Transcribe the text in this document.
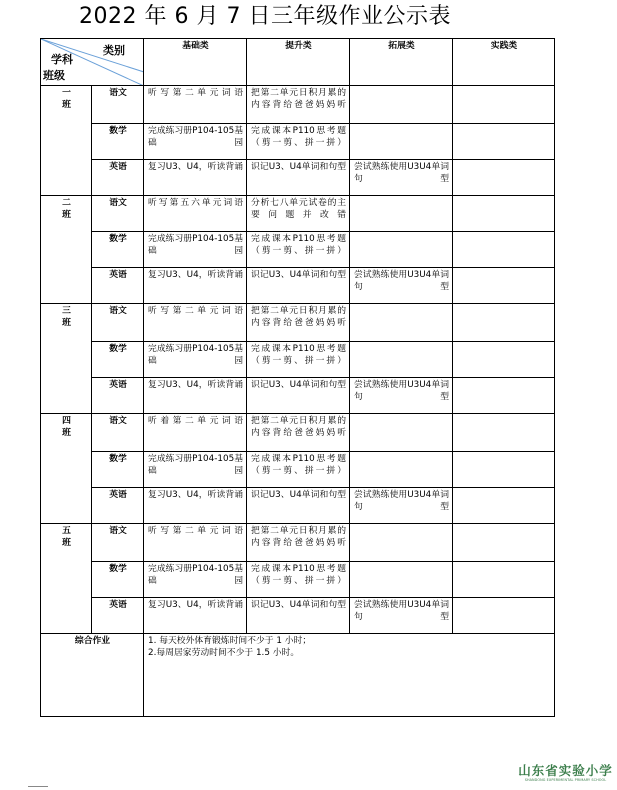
2022 年 6 月 7 日三年级作业公示表
类别
学科
班级		基础类	提升类	拓展类	实践类
一班	语文	听写第二单元词语	把第二单元日积月累的内容背给爸爸妈妈听		
	数学	完成练习册P104-105基础园	完成课本P110思考题（剪一剪、拼一拼）		
	英语	复习U3、U4，听读背诵	识记U3、U4单词和句型	尝试熟练使用U3U4单词句型	
二班	语文	听写第五六单元词语	分析七八单元试卷的主要问题并改错		
	数学	完成练习册P104-105基础园	完成课本P110思考题（剪一剪、拼一拼）		
	英语	复习U3、U4，听读背诵	识记U3、U4单词和句型	尝试熟练使用U3U4单词句型	
三班	语文	听写第二单元词语	把第二单元日积月累的内容背给爸爸妈妈听		
	数学	完成练习册P104-105基础园	完成课本P110思考题（剪一剪、拼一拼）		
	英语	复习U3、U4，听读背诵	识记U3、U4单词和句型	尝试熟练使用U3U4单词句型	
四班	语文	听着第二单元词语	把第二单元日积月累的内容背给爸爸妈妈听		
	数学	完成练习册P104-105基础园	完成课本P110思考题（剪一剪、拼一拼）		
	英语	复习U3、U4，听读背诵	识记U3、U4单词和句型	尝试熟练使用U3U4单词句型	
五班	语文	听写第二单元词语	把第二单元日积月累的内容背给爸爸妈妈听		
	数学	完成练习册P104-105基础园	完成课本P110思考题（剪一剪、拼一拼）		
	英语	复习U3、U4，听读背诵	识记U3、U4单词和句型	尝试熟练使用U3U4单词句型	
综合作业		1. 每天校外体育锻炼时间不少于 1 小时；
2.每周居家劳动时间不少于 1.5 小时。			
山东省实验小学
SHANDONG EXPERIMENTAL PRIMARY SCHOOL
